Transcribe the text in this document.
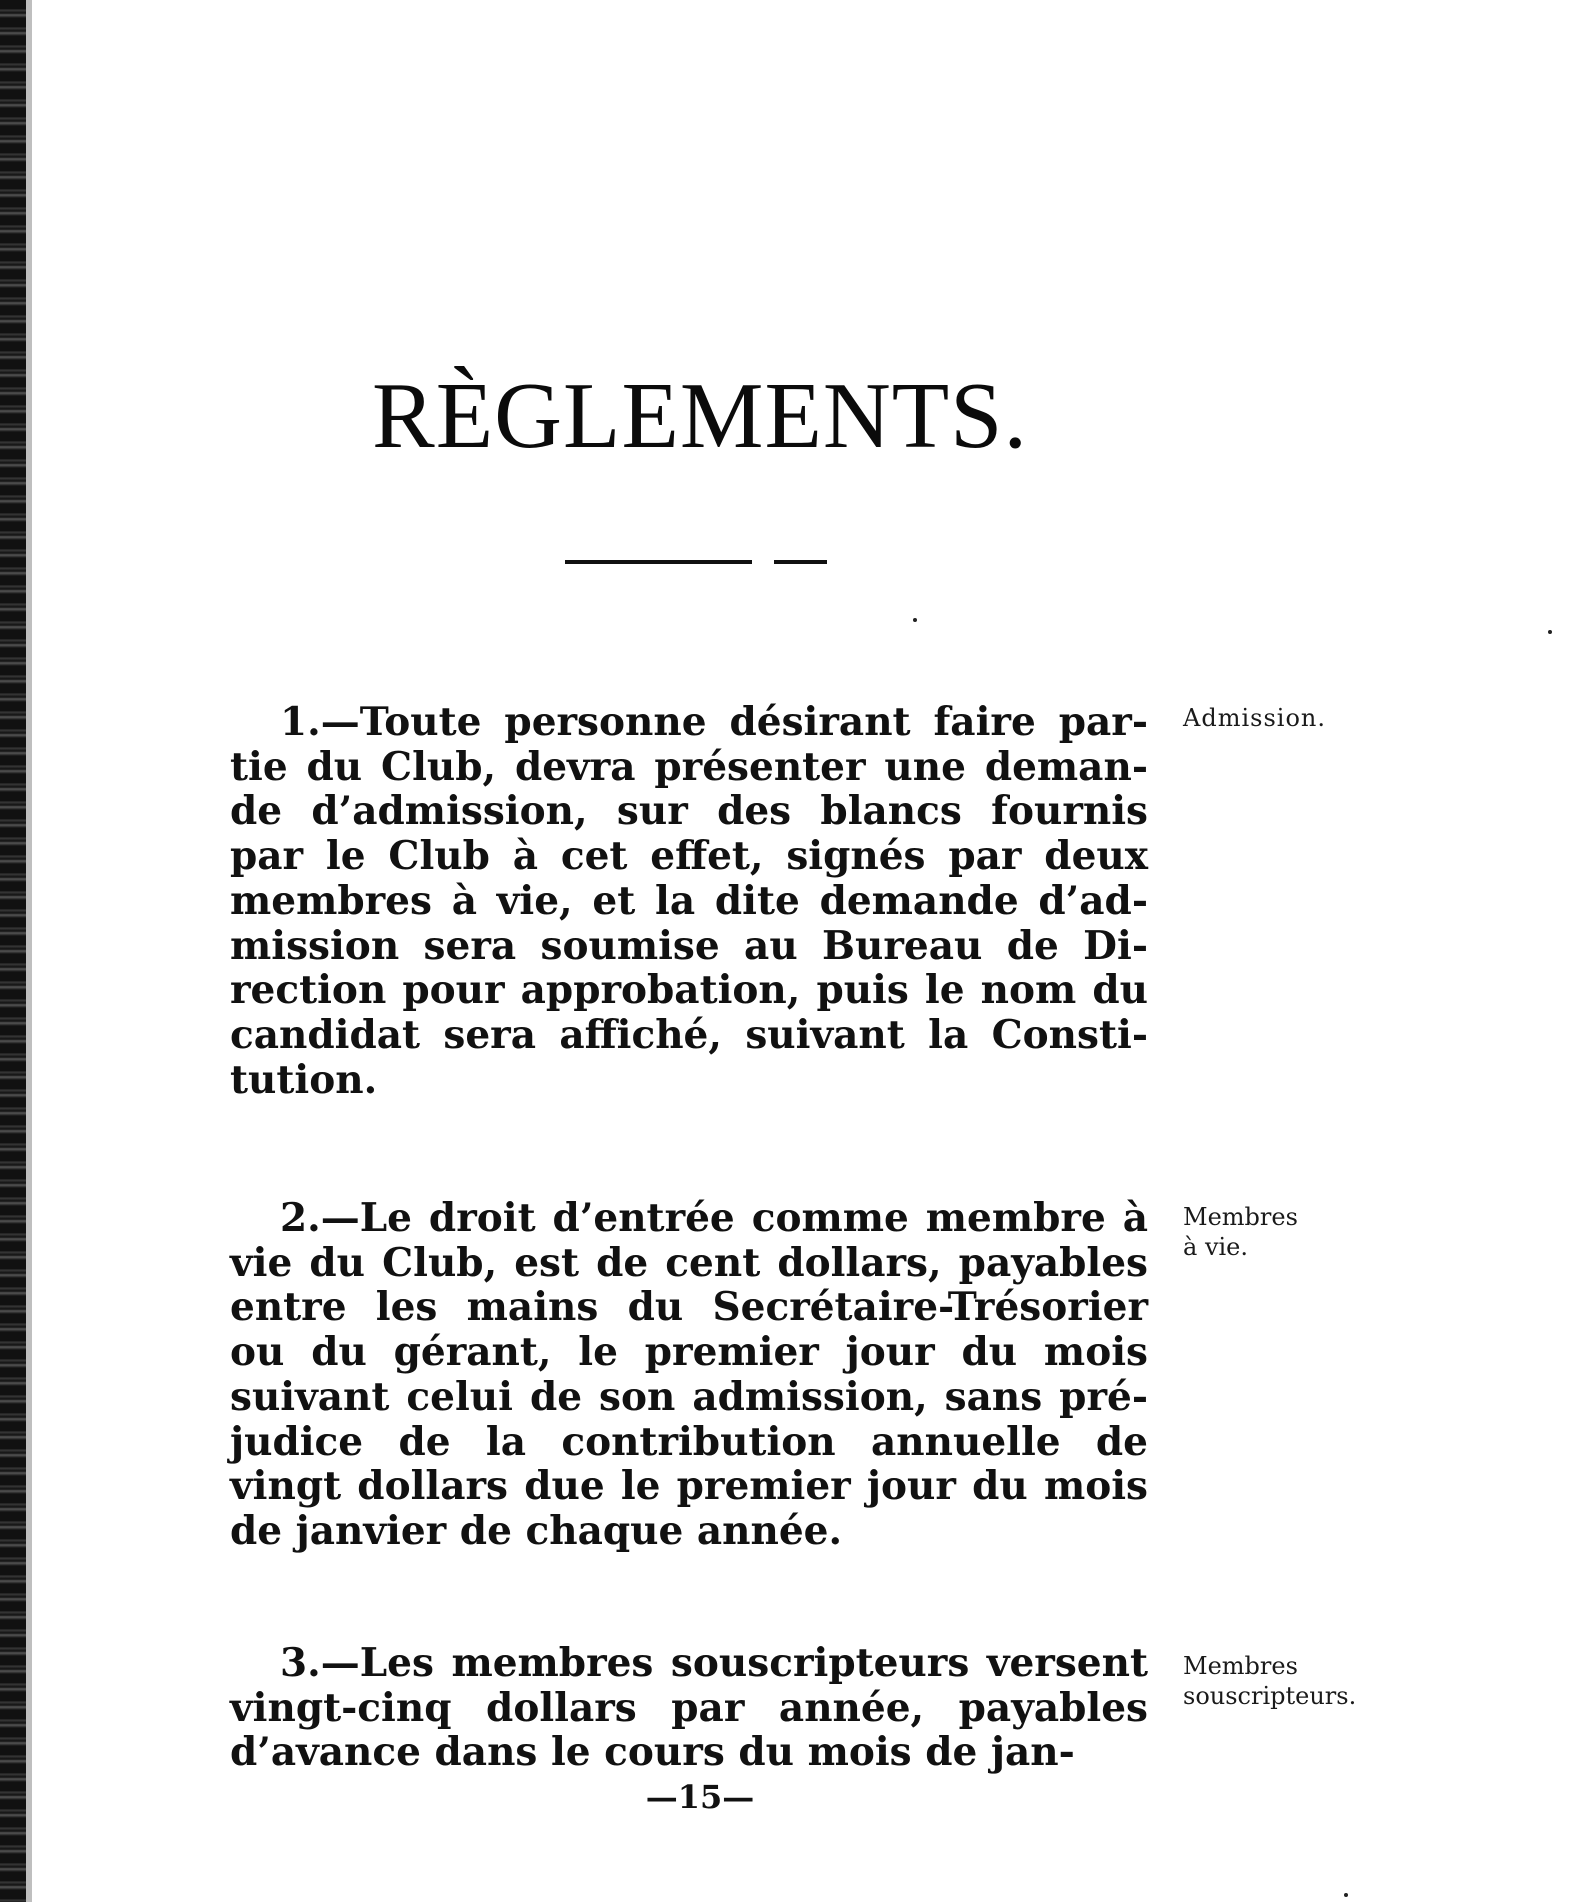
RÈGLEMENTS.

1.—Toute personne désirant faire partie du Club, devra présenter une demande d’admission, sur des blancs fournis par le Club à cet effet, signés par deux membres à vie, et la dite demande d’admission sera soumise au Bureau de Direction pour approbation, puis le nom du candidat sera affiché, suivant la Constitution.

Admission.

2.—Le droit d’entrée comme membre à vie du Club, est de cent dollars, payables entre les mains du Secrétaire-Trésorier ou du gérant, le premier jour du mois suivant celui de son admission, sans préjudice de la contribution annuelle de vingt dollars due le premier jour du mois de janvier de chaque année.

Membres
à vie.

3.—Les membres souscripteurs versent vingt-cinq dollars par année, payables d’avance dans le cours du mois de jan-

Membres
souscripteurs.

—15—
